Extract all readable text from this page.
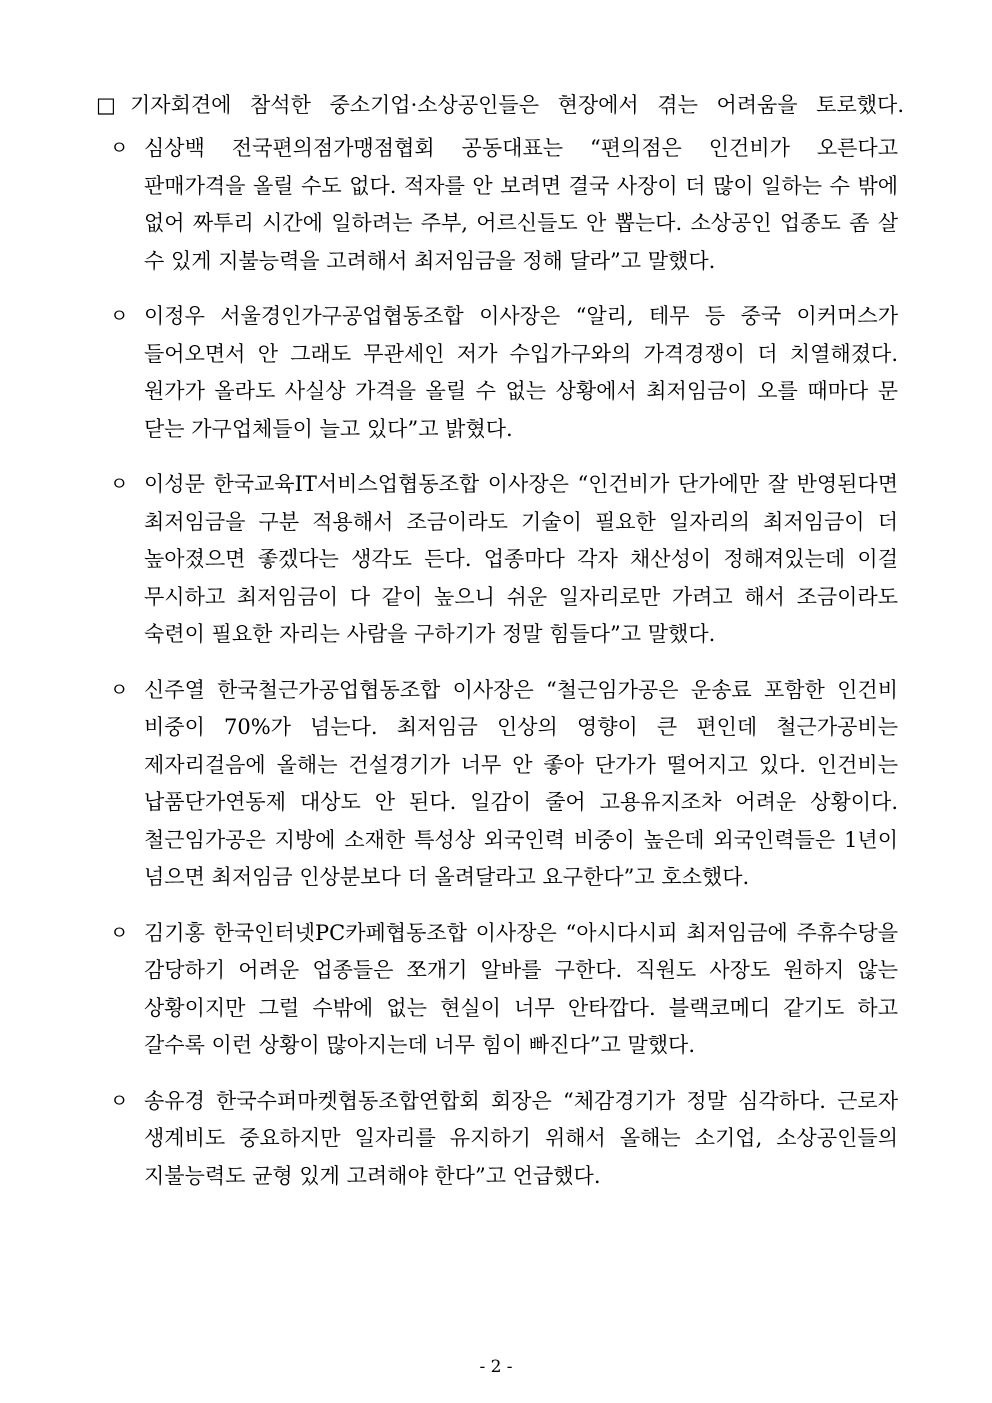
□ 기자회견에 참석한 중소기업·소상공인들은 현장에서 겪는 어려움을 토로했다.
ㅇ 심상백 전국편의점가맹점협회 공동대표는 “편의점은 인건비가 오른다고 판매가격을 올릴 수도 없다. 적자를 안 보려면 결국 사장이 더 많이 일하는 수 밖에 없어 짜투리 시간에 일하려는 주부, 어르신들도 안 뽑는다. 소상공인 업종도 좀 살 수 있게 지불능력을 고려해서 최저임금을 정해 달라”고 말했다.
ㅇ 이정우 서울경인가구공업협동조합 이사장은 “알리, 테무 등 중국 이커머스가 들어오면서 안 그래도 무관세인 저가 수입가구와의 가격경쟁이 더 치열해졌다. 원가가 올라도 사실상 가격을 올릴 수 없는 상황에서 최저임금이 오를 때마다 문 닫는 가구업체들이 늘고 있다”고 밝혔다.
ㅇ 이성문 한국교육IT서비스업협동조합 이사장은 “인건비가 단가에만 잘 반영된다면 최저임금을 구분 적용해서 조금이라도 기술이 필요한 일자리의 최저임금이 더 높아졌으면 좋겠다는 생각도 든다. 업종마다 각자 채산성이 정해져있는데 이걸 무시하고 최저임금이 다 같이 높으니 쉬운 일자리로만 가려고 해서 조금이라도 숙련이 필요한 자리는 사람을 구하기가 정말 힘들다”고 말했다.
ㅇ 신주열 한국철근가공업협동조합 이사장은 “철근임가공은 운송료 포함한 인건비 비중이 70%가 넘는다. 최저임금 인상의 영향이 큰 편인데 철근가공비는 제자리걸음에 올해는 건설경기가 너무 안 좋아 단가가 떨어지고 있다. 인건비는 납품단가연동제 대상도 안 된다. 일감이 줄어 고용유지조차 어려운 상황이다. 철근임가공은 지방에 소재한 특성상 외국인력 비중이 높은데 외국인력들은 1년이 넘으면 최저임금 인상분보다 더 올려달라고 요구한다”고 호소했다.
ㅇ 김기홍 한국인터넷PC카페협동조합 이사장은 “아시다시피 최저임금에 주휴수당을 감당하기 어려운 업종들은 쪼개기 알바를 구한다. 직원도 사장도 원하지 않는 상황이지만 그럴 수밖에 없는 현실이 너무 안타깝다. 블랙코메디 같기도 하고 갈수록 이런 상황이 많아지는데 너무 힘이 빠진다”고 말했다.
ㅇ 송유경 한국수퍼마켓협동조합연합회 회장은 “체감경기가 정말 심각하다. 근로자 생계비도 중요하지만 일자리를 유지하기 위해서 올해는 소기업, 소상공인들의 지불능력도 균형 있게 고려해야 한다”고 언급했다.
- 2 -
